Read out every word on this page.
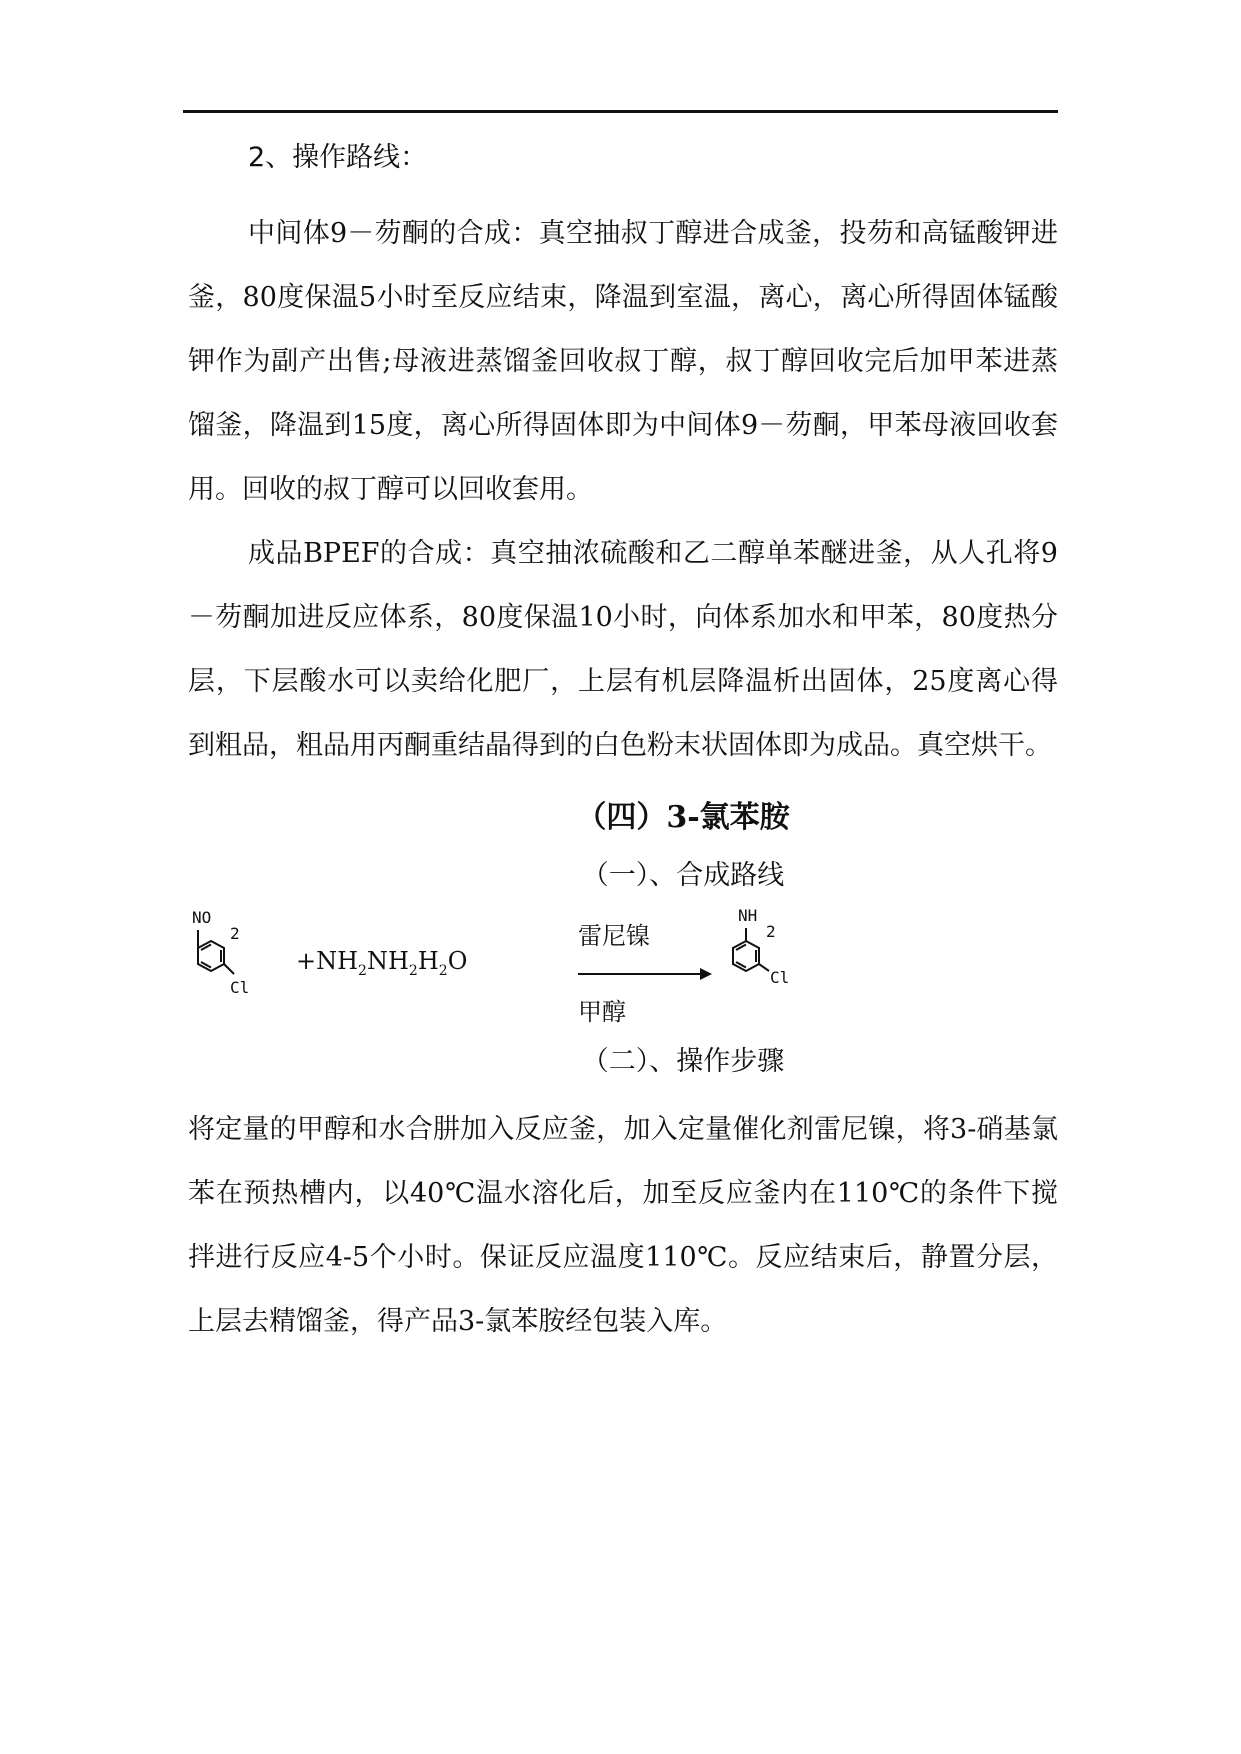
2、操作路线：

中间体9－芴酮的合成：真空抽叔丁醇进合成釜，投芴和高锰酸钾进釜，80度保温5小时至反应结束，降温到室温，离心，离心所得固体锰酸钾作为副产出售;母液进蒸馏釜回收叔丁醇，叔丁醇回收完后加甲苯进蒸馏釜，降温到15度，离心所得固体即为中间体9－芴酮，甲苯母液回收套用。回收的叔丁醇可以回收套用。

成品BPEF的合成：真空抽浓硫酸和乙二醇单苯醚进釜，从人孔将9－芴酮加进反应体系，80度保温10小时，向体系加水和甲苯，80度热分层，下层酸水可以卖给化肥厂，上层有机层降温析出固体，25度离心得到粗品，粗品用丙酮重结晶得到的白色粉末状固体即为成品。真空烘干。

（四）3-氯苯胺
（一）、合成路线
NO
2
Cl
$+NH_2NH_2H_2O$
雷尼镍
甲醇
NH
2
Cl
（二）、操作步骤

将定量的甲醇和水合肼加入反应釜，加入定量催化剂雷尼镍，将3-硝基氯苯在预热槽内，以40℃温水溶化后，加至反应釜内在110℃的条件下搅拌进行反应4-5个小时。保证反应温度110℃。反应结束后，静置分层，上层去精馏釜，得产品3-氯苯胺经包装入库。
